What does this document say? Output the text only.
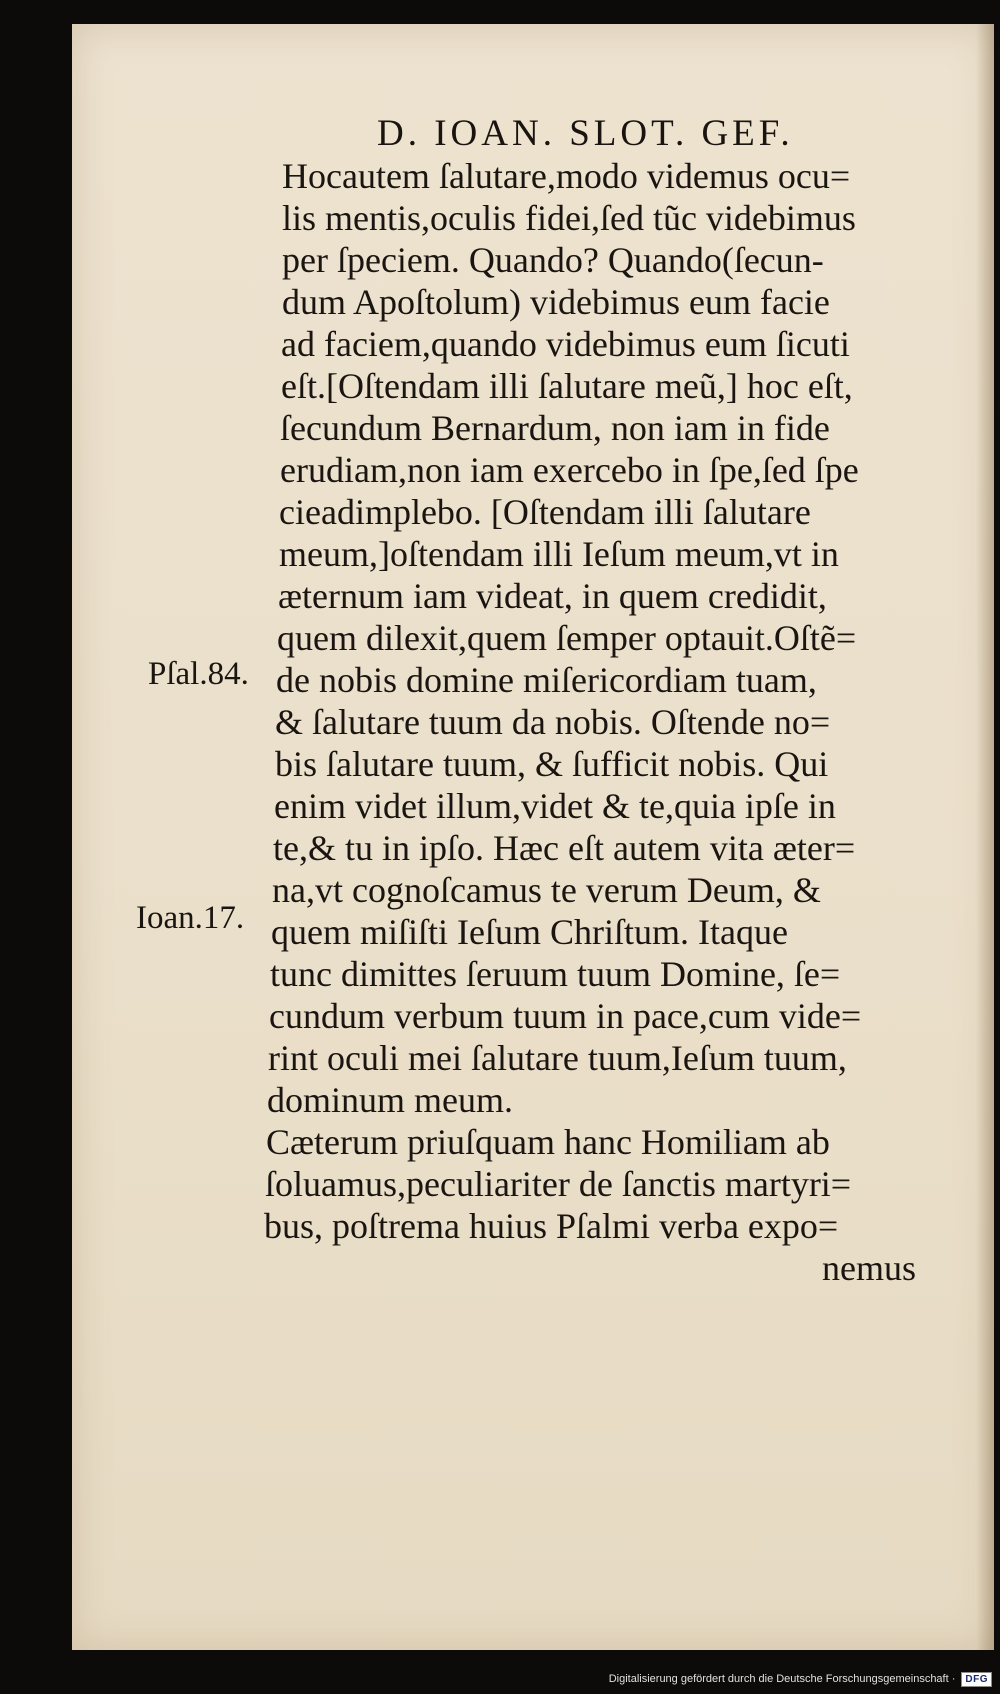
D. IOAN. SLOT. GEF.
Hocautem ſalutare,modo videmus ocu=
lis mentis,oculis fidei,ſed tũc videbimus
per ſpeciem. Quando? Quando(ſecun-
dum Apoſtolum) videbimus eum facie
ad faciem,quando videbimus eum ſicuti
eſt.[Oſtendam illi ſalutare meũ,] hoc eſt,
ſecundum Bernardum, non iam in fide
erudiam,non iam exercebo in ſpe,ſed ſpe
cieadimplebo. [Oſtendam illi ſalutare
meum,]oſtendam illi Ieſum meum,vt in
æternum iam videat, in quem credidit,
quem dilexit,quem ſemper optauit.Oſtẽ=
de nobis domine miſericordiam tuam,
& ſalutare tuum da nobis. Oſtende no=
bis ſalutare tuum, & ſufficit nobis. Qui
enim videt illum,videt & te,quia ipſe in
te,& tu in ipſo. Hæc eſt autem vita æter=
na,vt cognoſcamus te verum Deum, &
quem miſiſti Ieſum Chriſtum. Itaque
tunc dimittes ſeruum tuum Domine, ſe=
cundum verbum tuum in pace,cum vide=
rint oculi mei ſalutare tuum,Ieſum tuum,
dominum meum.
Cæterum priuſquam hanc Homiliam ab
ſoluamus,peculiariter de ſanctis martyri=
bus, poſtrema huius Pſalmi verba expo=
nemus
Pſal.84.
Ioan.17.
Digitalisierung gefördert durch die Deutsche Forschungsgemeinschaft ·	DFG
